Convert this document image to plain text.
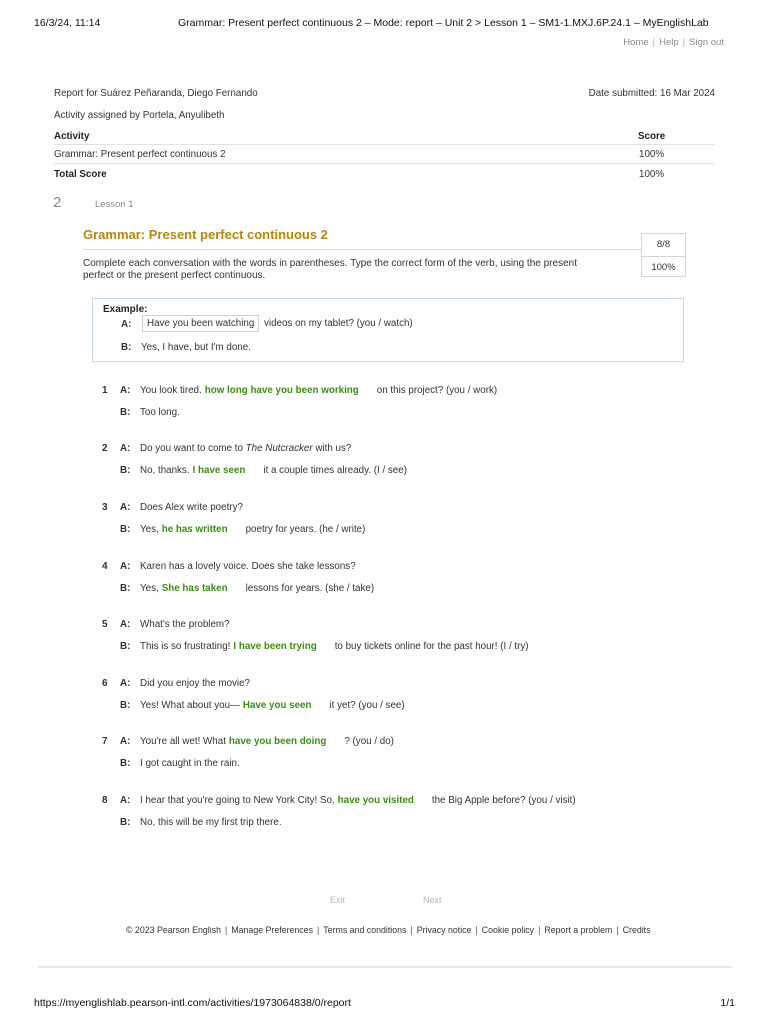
16/3/24, 11:14	Grammar: Present perfect continuous 2 – Mode: report – Unit 2 > Lesson 1 – SM1-1.MXJ.6P.24.1 – MyEnglishLab
Home | Help | Sign out
Report for Suárez Peñaranda, Diego Fernando	Date submitted: 16 Mar 2024
Activity assigned by Portela, Anyulibeth
Activity	Score
Grammar: Present perfect continuous 2	100%
Total Score	100%
2	Lesson 1
Grammar: Present perfect continuous 2
8/8
100%
Complete each conversation with the words in parentheses. Type the correct form of the verb, using the present perfect or the present perfect continuous.
Example:
A:	Have you been watching videos on my tablet? (you / watch)
B: Yes, I have, but I'm done.
1 A: You look tired. how long have you been working on this project? (you / work)
B: Too long.
2 A: Do you want to come to The Nutcracker with us?
B: No, thanks. I have seen it a couple times already. (I / see)
3 A: Does Alex write poetry?
B: Yes, he has written poetry for years. (he / write)
4 A: Karen has a lovely voice. Does she take lessons?
B: Yes, She has taken lessons for years. (she / take)
5 A: What's the problem?
B: This is so frustrating! I have been trying to buy tickets online for the past hour! (I / try)
6 A: Did you enjoy the movie?
B: Yes! What about you— Have you seen it yet? (you / see)
7 A: You're all wet! What have you been doing ? (you / do)
B: I got caught in the rain.
8 A: I hear that you're going to New York City! So, have you visited the Big Apple before? (you / visit)
B: No, this will be my first trip there.
Exit	Next
© 2023 Pearson English | Manage Preferences | Terms and conditions | Privacy notice | Cookie policy | Report a problem | Credits
https://myenglishlab.pearson-intl.com/activities/1973064838/0/report	1/1
